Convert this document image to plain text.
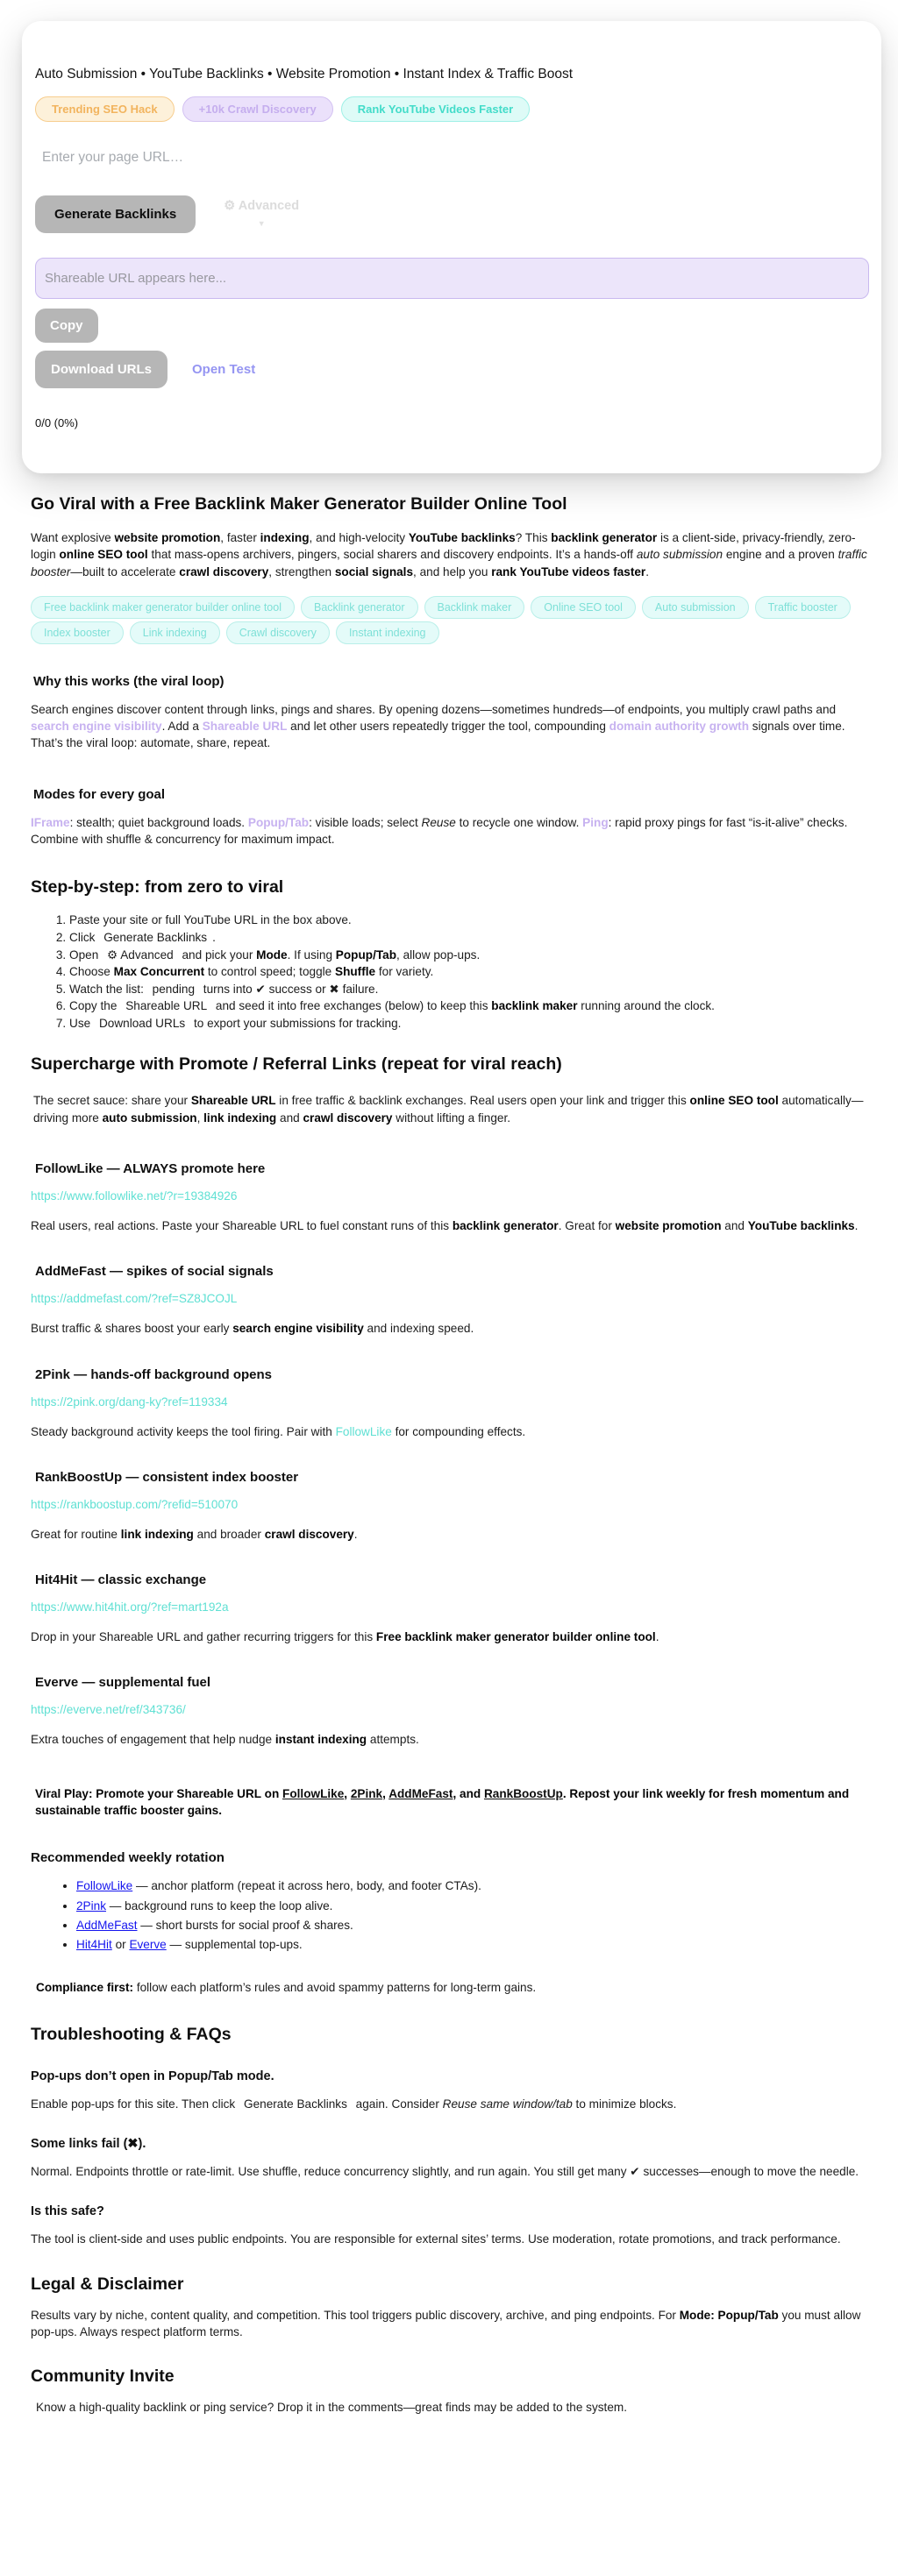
Auto Submission • YouTube Backlinks • Website Promotion • Instant Index & Traffic Boost

Trending SEO Hack	+10k Crawl Discovery	Rank YouTube Videos Faster
Enter your page URL…
Generate Backlinks
⚙ Advanced
▼
Shareable URL appears here...
Copy
Download URLs	Open Test
0/0 (0%)
Go Viral with a Free Backlink Maker Generator Builder Online Tool

Want explosive website promotion, faster indexing, and high-velocity YouTube backlinks? This backlink generator is a client-side, privacy-friendly, zero-login online SEO tool that mass-opens archivers, pingers, social sharers and discovery endpoints. It’s a hands-off auto submission engine and a proven traffic booster—built to accelerate crawl discovery, strengthen social signals, and help you rank YouTube videos faster.

Free backlink maker generator builder online tool	Backlink generator	Backlink maker	Online SEO tool	Auto submission	Traffic booster
Index booster	Link indexing	Crawl discovery	Instant indexing
Why this works (the viral loop)

Search engines discover content through links, pings and shares. By opening dozens—sometimes hundreds—of endpoints, you multiply crawl paths and search engine visibility. Add a Shareable URL and let other users repeatedly trigger the tool, compounding domain authority growth signals over time. That’s the viral loop: automate, share, repeat.

Modes for every goal

IFrame: stealth; quiet background loads. Popup/Tab: visible loads; select Reuse to recycle one window. Ping: rapid proxy pings for fast “is-it-alive” checks. Combine with shuffle & concurrency for maximum impact.

Step-by-step: from zero to viral
1. Paste your site or full YouTube URL in the box above.
2. Click Generate Backlinks .
3. Open ⚙ Advanced and pick your Mode. If using Popup/Tab, allow pop-ups.
4. Choose Max Concurrent to control speed; toggle Shuffle for variety.
5. Watch the list: pending turns into ✔ success or ✖ failure.
6. Copy the Shareable URL and seed it into free exchanges (below) to keep this backlink maker running around the clock.
7. Use Download URLs to export your submissions for tracking.
Supercharge with Promote / Referral Links (repeat for viral reach)

The secret sauce: share your Shareable URL in free traffic & backlink exchanges. Real users open your link and trigger this online SEO tool automatically—driving more auto submission, link indexing and crawl discovery without lifting a finger.

FollowLike — ALWAYS promote here
https://www.followlike.net/?r=19384926

Real users, real actions. Paste your Shareable URL to fuel constant runs of this backlink generator. Great for website promotion and YouTube backlinks.

AddMeFast — spikes of social signals
https://addmefast.com/?ref=SZ8JCOJL

Burst traffic & shares boost your early search engine visibility and indexing speed.

2Pink — hands-off background opens
https://2pink.org/dang-ky?ref=119334

Steady background activity keeps the tool firing. Pair with FollowLike for compounding effects.

RankBoostUp — consistent index booster
https://rankboostup.com/?refid=510070

Great for routine link indexing and broader crawl discovery.

Hit4Hit — classic exchange
https://www.hit4hit.org/?ref=mart192a

Drop in your Shareable URL and gather recurring triggers for this Free backlink maker generator builder online tool.

Everve — supplemental fuel
https://everve.net/ref/343736/

Extra touches of engagement that help nudge instant indexing attempts.

Viral Play: Promote your Shareable URL on FollowLike, 2Pink, AddMeFast, and RankBoostUp. Repost your link weekly for fresh momentum and sustainable traffic booster gains.

Recommended weekly rotation
• FollowLike — anchor platform (repeat it across hero, body, and footer CTAs).
• 2Pink — background runs to keep the loop alive.
• AddMeFast — short bursts for social proof & shares.
• Hit4Hit or Everve — supplemental top-ups.

Compliance first: follow each platform’s rules and avoid spammy patterns for long-term gains.

Troubleshooting & FAQs
Pop-ups don’t open in Popup/Tab mode.

Enable pop-ups for this site. Then click Generate Backlinks again. Consider Reuse same window/tab to minimize blocks.

Some links fail (✖).

Normal. Endpoints throttle or rate-limit. Use shuffle, reduce concurrency slightly, and run again. You still get many ✔ successes—enough to move the needle.

Is this safe?

The tool is client-side and uses public endpoints. You are responsible for external sites’ terms. Use moderation, rotate promotions, and track performance.

Legal & Disclaimer

Results vary by niche, content quality, and competition. This tool triggers public discovery, archive, and ping endpoints. For Mode: Popup/Tab you must allow pop-ups. Always respect platform terms.

Community Invite

Know a high-quality backlink or ping service? Drop it in the comments—great finds may be added to the system.
